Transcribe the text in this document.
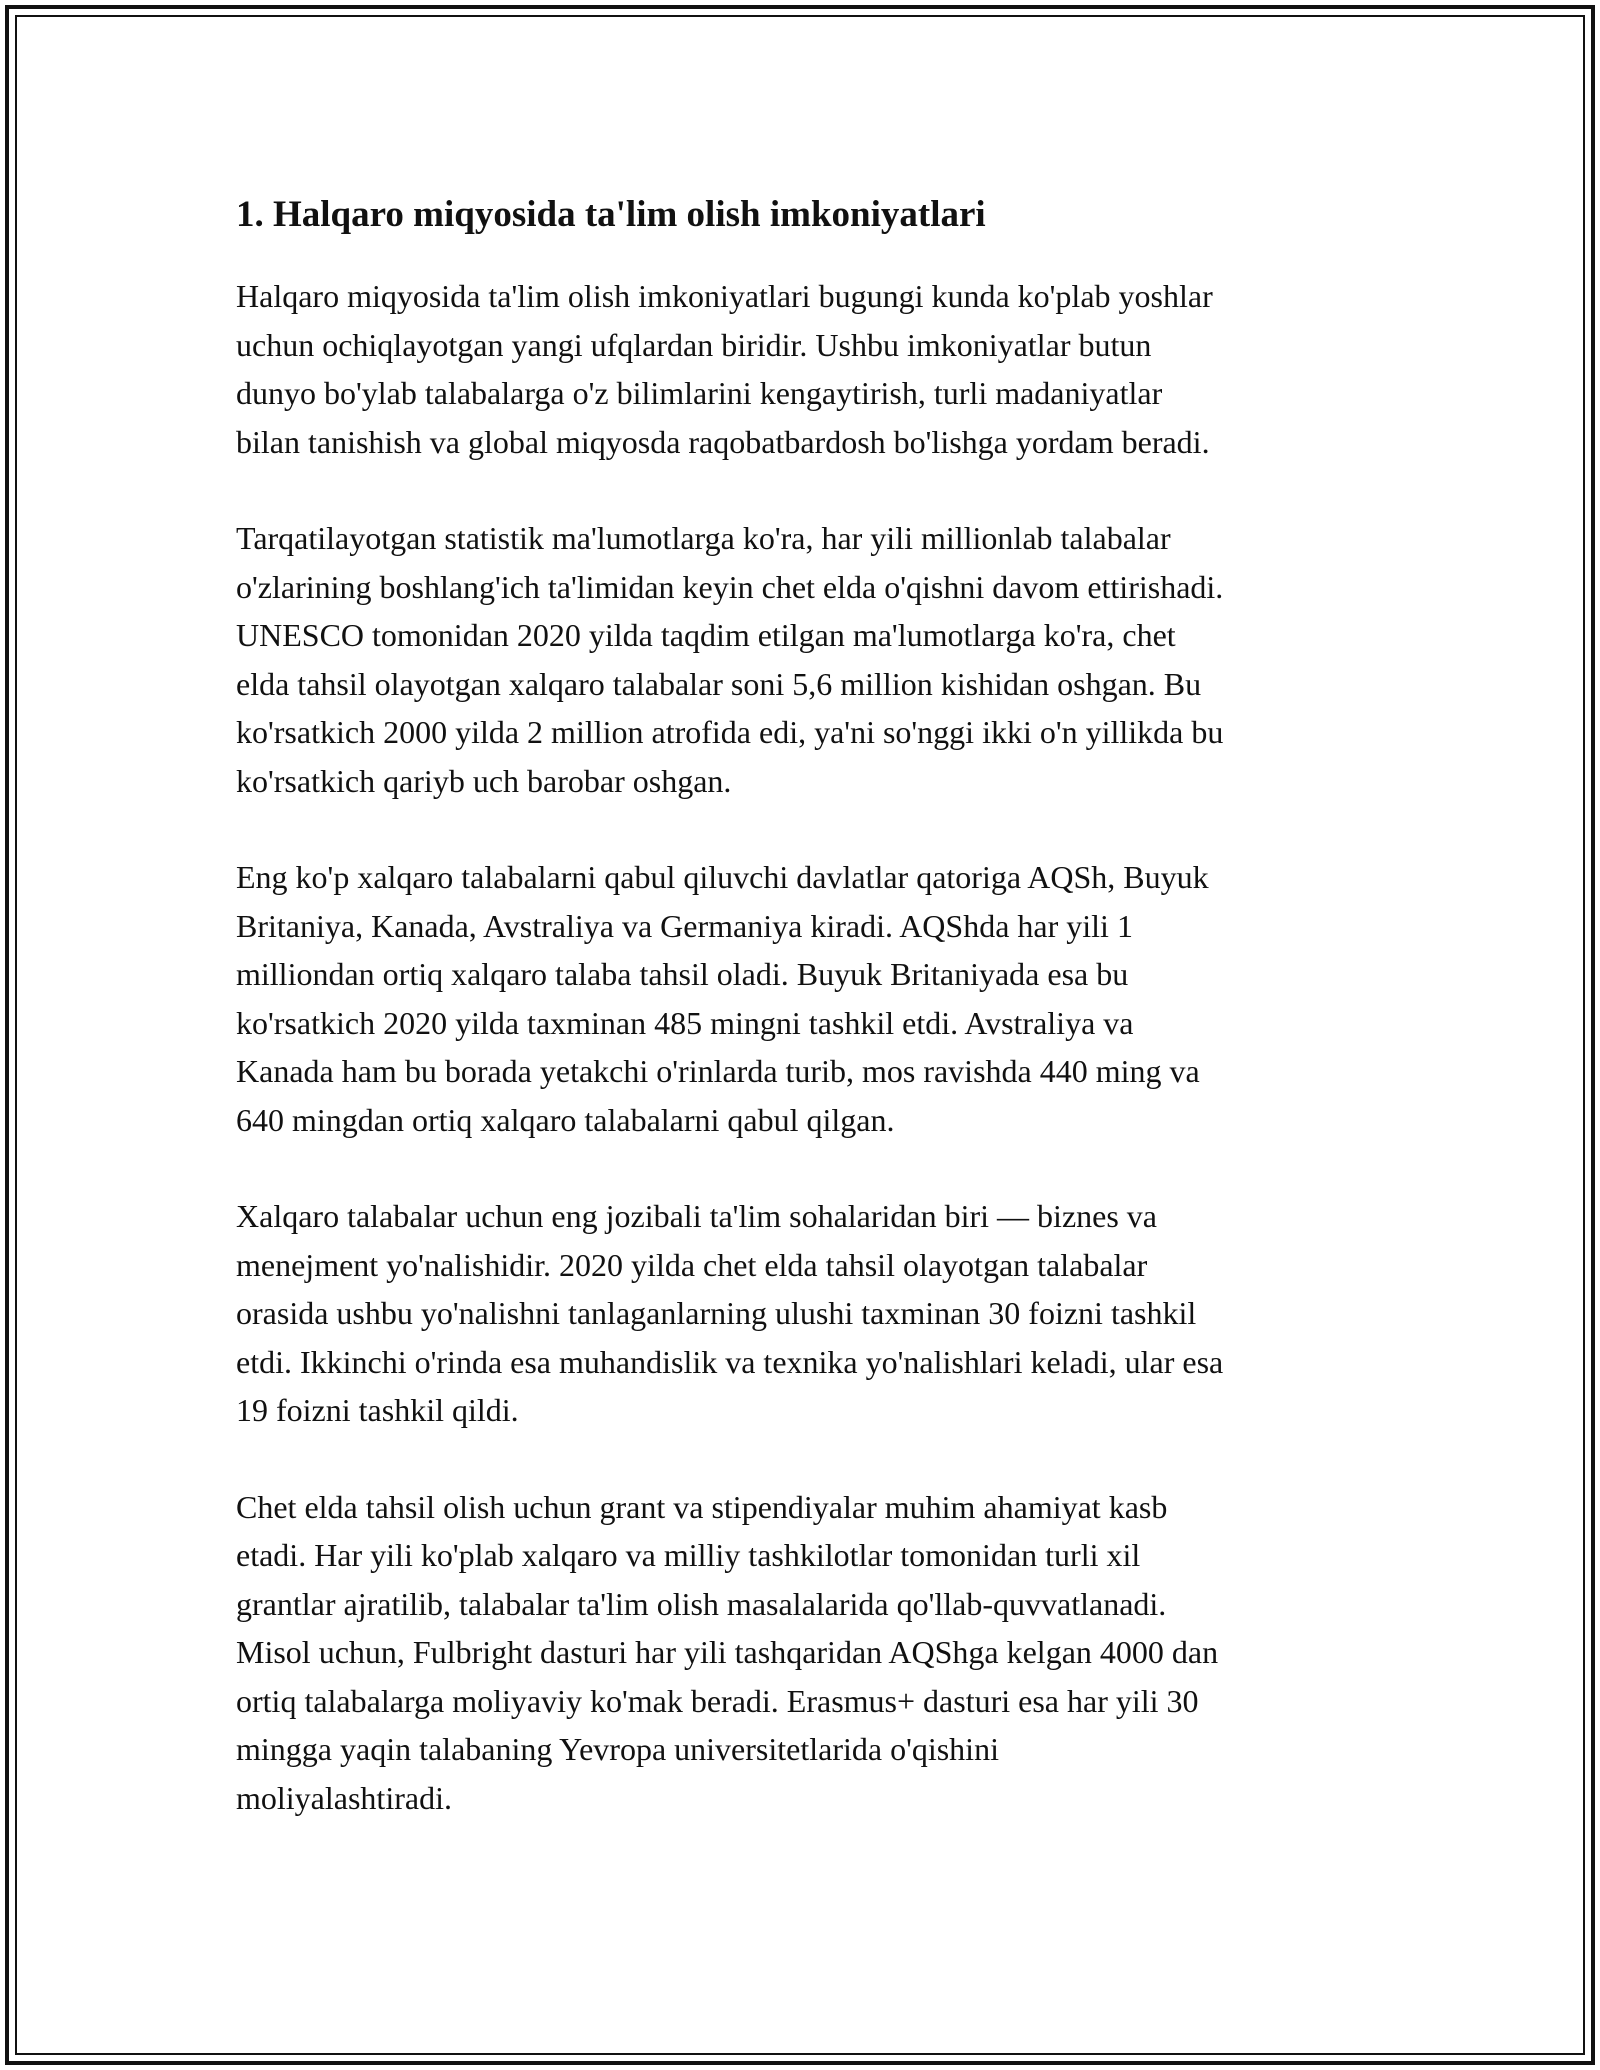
1. Halqaro miqyosida ta'lim olish imkoniyatlari

Halqaro miqyosida ta'lim olish imkoniyatlari bugungi kunda ko'plab yoshlar
uchun ochiqlayotgan yangi ufqlardan biridir. Ushbu imkoniyatlar butun
dunyo bo'ylab talabalarga o'z bilimlarini kengaytirish, turli madaniyatlar
bilan tanishish va global miqyosda raqobatbardosh bo'lishga yordam beradi.

Tarqatilayotgan statistik ma'lumotlarga ko'ra, har yili millionlab talabalar
o'zlarining boshlang'ich ta'limidan keyin chet elda o'qishni davom ettirishadi.
UNESCO tomonidan 2020 yilda taqdim etilgan ma'lumotlarga ko'ra, chet
elda tahsil olayotgan xalqaro talabalar soni 5,6 million kishidan oshgan. Bu
ko'rsatkich 2000 yilda 2 million atrofida edi, ya'ni so'nggi ikki o'n yillikda bu
ko'rsatkich qariyb uch barobar oshgan.

Eng ko'p xalqaro talabalarni qabul qiluvchi davlatlar qatoriga AQSh, Buyuk
Britaniya, Kanada, Avstraliya va Germaniya kiradi. AQShda har yili 1
milliondan ortiq xalqaro talaba tahsil oladi. Buyuk Britaniyada esa bu
ko'rsatkich 2020 yilda taxminan 485 mingni tashkil etdi. Avstraliya va
Kanada ham bu borada yetakchi o'rinlarda turib, mos ravishda 440 ming va
640 mingdan ortiq xalqaro talabalarni qabul qilgan.

Xalqaro talabalar uchun eng jozibali ta'lim sohalaridan biri — biznes va
menejment yo'nalishidir. 2020 yilda chet elda tahsil olayotgan talabalar
orasida ushbu yo'nalishni tanlaganlarning ulushi taxminan 30 foizni tashkil
etdi. Ikkinchi o'rinda esa muhandislik va texnika yo'nalishlari keladi, ular esa
19 foizni tashkil qildi.

Chet elda tahsil olish uchun grant va stipendiyalar muhim ahamiyat kasb
etadi. Har yili ko'plab xalqaro va milliy tashkilotlar tomonidan turli xil
grantlar ajratilib, talabalar ta'lim olish masalalarida qo'llab-quvvatlanadi.
Misol uchun, Fulbright dasturi har yili tashqaridan AQShga kelgan 4000 dan
ortiq talabalarga moliyaviy ko'mak beradi. Erasmus+ dasturi esa har yili 30
mingga yaqin talabaning Yevropa universitetlarida o'qishini
moliyalashtiradi.
